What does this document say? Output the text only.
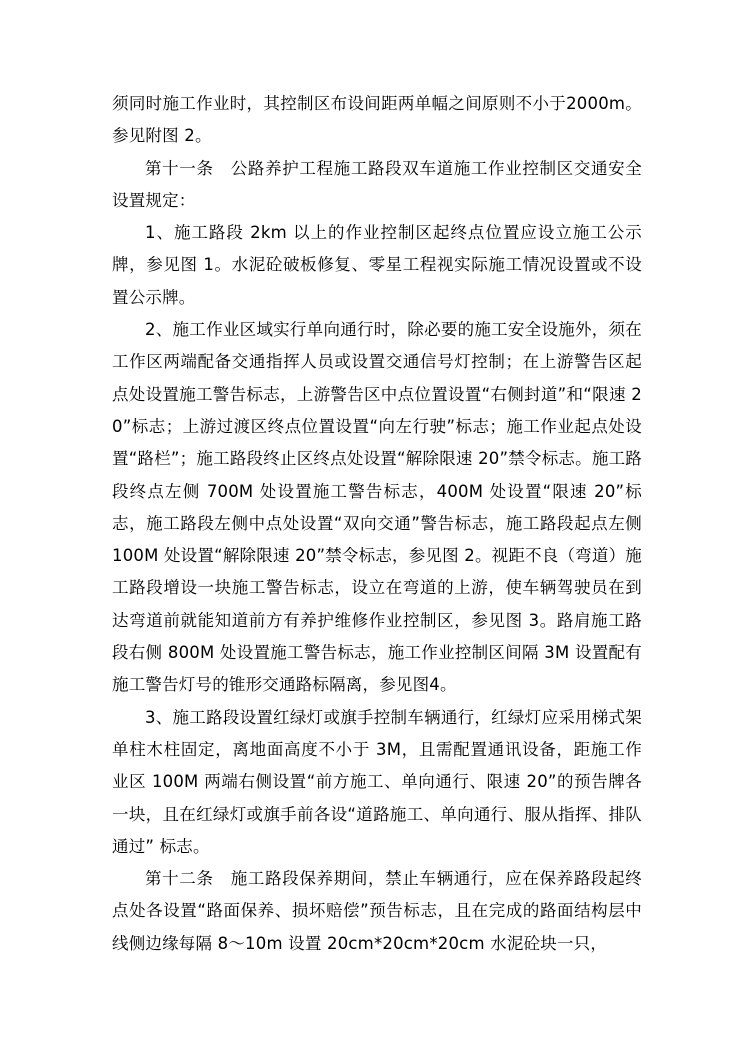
须同时施工作业时，其控制区布设间距两单幅之间原则不小于2000m。参见附图 2。

第十一条　公路养护工程施工路段双车道施工作业控制区交通安全设置规定：

1、施工路段 2km 以上的作业控制区起终点位置应设立施工公示牌，参见图 1。水泥砼破板修复、零星工程视实际施工情况设置或不设置公示牌。

2、施工作业区域实行单向通行时，除必要的施工安全设施外，须在工作区两端配备交通指挥人员或设置交通信号灯控制；在上游警告区起点处设置施工警告标志，上游警告区中点位置设置“右侧封道”和“限速 20”标志；上游过渡区终点位置设置“向左行驶”标志；施工作业起点处设置“路栏”；施工路段终止区终点处设置“解除限速 20”禁令标志。施工路段终点左侧 700M 处设置施工警告标志，400M 处设置“限速 20”标志，施工路段左侧中点处设置“双向交通”警告标志，施工路段起点左侧 100M 处设置“解除限速 20”禁令标志，参见图 2。视距不良（弯道）施工路段增设一块施工警告标志，设立在弯道的上游，使车辆驾驶员在到达弯道前就能知道前方有养护维修作业控制区，参见图 3。路肩施工路段右侧 800M 处设置施工警告标志，施工作业控制区间隔 3M 设置配有施工警告灯号的锥形交通路标隔离，参见图4。

3、施工路段设置红绿灯或旗手控制车辆通行，红绿灯应采用梯式架单柱木柱固定，离地面高度不小于 3M，且需配置通讯设备，距施工作业区 100M 两端右侧设置“前方施工、单向通行、限速 20”的预告牌各一块，且在红绿灯或旗手前各设“道路施工、单向通行、服从指挥、排队通过” 标志。

第十二条　施工路段保养期间，禁止车辆通行，应在保养路段起终点处各设置“路面保养、损坏赔偿”预告标志，且在完成的路面结构层中线侧边缘每隔 8～10m 设置 20cm*20cm*20cm 水泥砼块一只，
